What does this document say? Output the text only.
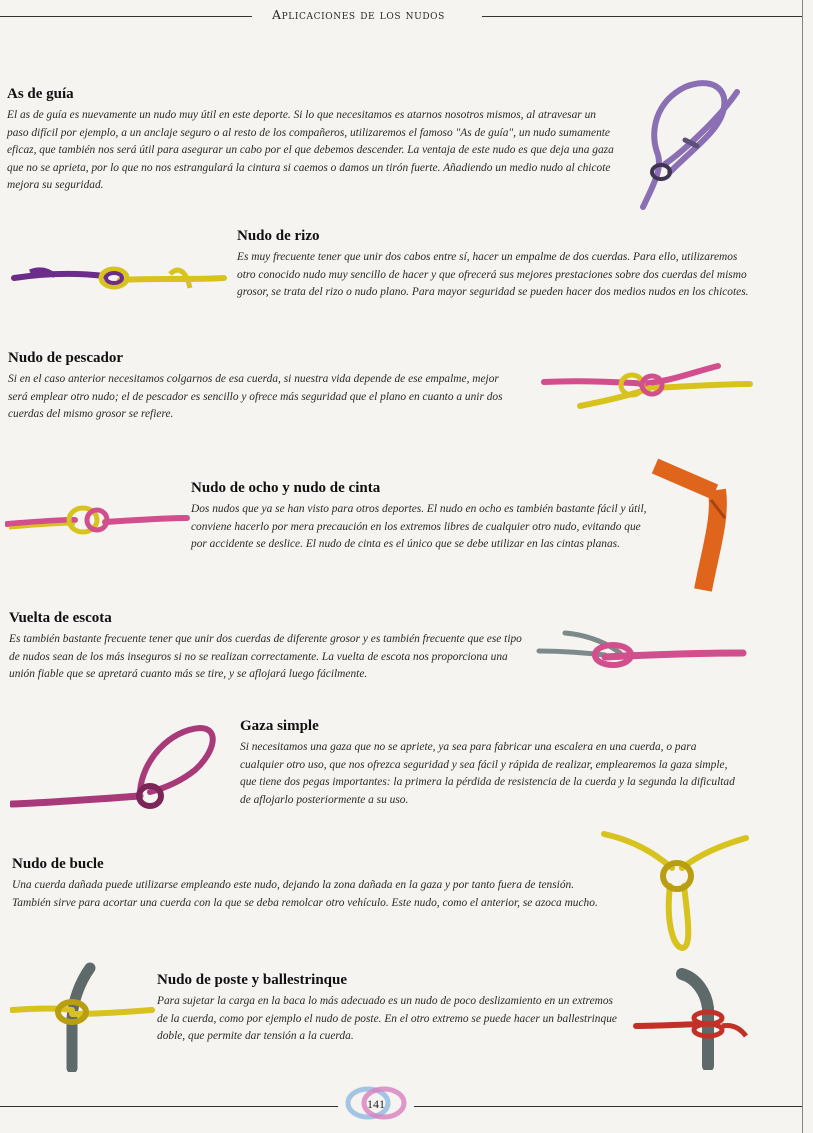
Aplicaciones de los nudos
As de guía

El as de guía es nuevamente un nudo muy útil en este deporte. Si lo que necesitamos es atarnos nosotros mismos, al atravesar un paso difícil por ejemplo, a un anclaje seguro o al resto de los compañeros, utilizaremos el famoso "As de guía", un nudo sumamente eficaz, que también nos será útil para asegurar un cabo por el que debemos descender. La ventaja de este nudo es que deja una gaza que no se aprieta, por lo que no nos estrangulará la cintura si caemos o damos un tirón fuerte. Añadiendo un medio nudo al chicote mejora su seguridad.

Nudo de rizo

Es muy frecuente tener que unir dos cabos entre sí, hacer un empalme de dos cuerdas. Para ello, utilizaremos otro conocido nudo muy sencillo de hacer y que ofrecerá sus mejores prestaciones sobre dos cuerdas del mismo grosor, se trata del rizo o nudo plano. Para mayor seguridad se pueden hacer dos medios nudos en los chicotes.

Nudo de pescador

Si en el caso anterior necesitamos colgarnos de esa cuerda, si nuestra vida depende de ese empalme, mejor será emplear otro nudo; el de pescador es sencillo y ofrece más seguridad que el plano en cuanto a unir dos cuerdas del mismo grosor se refiere.

Nudo de ocho y nudo de cinta

Dos nudos que ya se han visto para otros deportes. El nudo en ocho es también bastante fácil y útil, conviene hacerlo por mera precaución en los extremos libres de cualquier otro nudo, evitando que por accidente se deslice. El nudo de cinta es el único que se debe utilizar en las cintas planas.

Vuelta de escota

Es también bastante frecuente tener que unir dos cuerdas de diferente grosor y es también frecuente que ese tipo de nudos sean de los más inseguros si no se realizan correctamente. La vuelta de escota nos proporciona una unión fiable que se apretará cuanto más se tire, y se aflojará luego fácilmente.

Gaza simple

Si necesitamos una gaza que no se apriete, ya sea para fabricar una escalera en una cuerda, o para cualquier otro uso, que nos ofrezca seguridad y sea fácil y rápida de realizar, emplearemos la gaza simple, que tiene dos pegas importantes: la primera la pérdida de resistencia de la cuerda y la segunda la dificultad de aflojarlo posteriormente a su uso.

Nudo de bucle

Una cuerda dañada puede utilizarse empleando este nudo, dejando la zona dañada en la gaza y por tanto fuera de tensión. También sirve para acortar una cuerda con la que se deba remolcar otro vehículo. Este nudo, como el anterior, se azoca mucho.

Nudo de poste y ballestrinque

Para sujetar la carga en la baca lo más adecuado es un nudo de poco deslizamiento en un extremos de la cuerda, como por ejemplo el nudo de poste. En el otro extremo se puede hacer un ballestrinque doble, que permite dar tensión a la cuerda.

141
